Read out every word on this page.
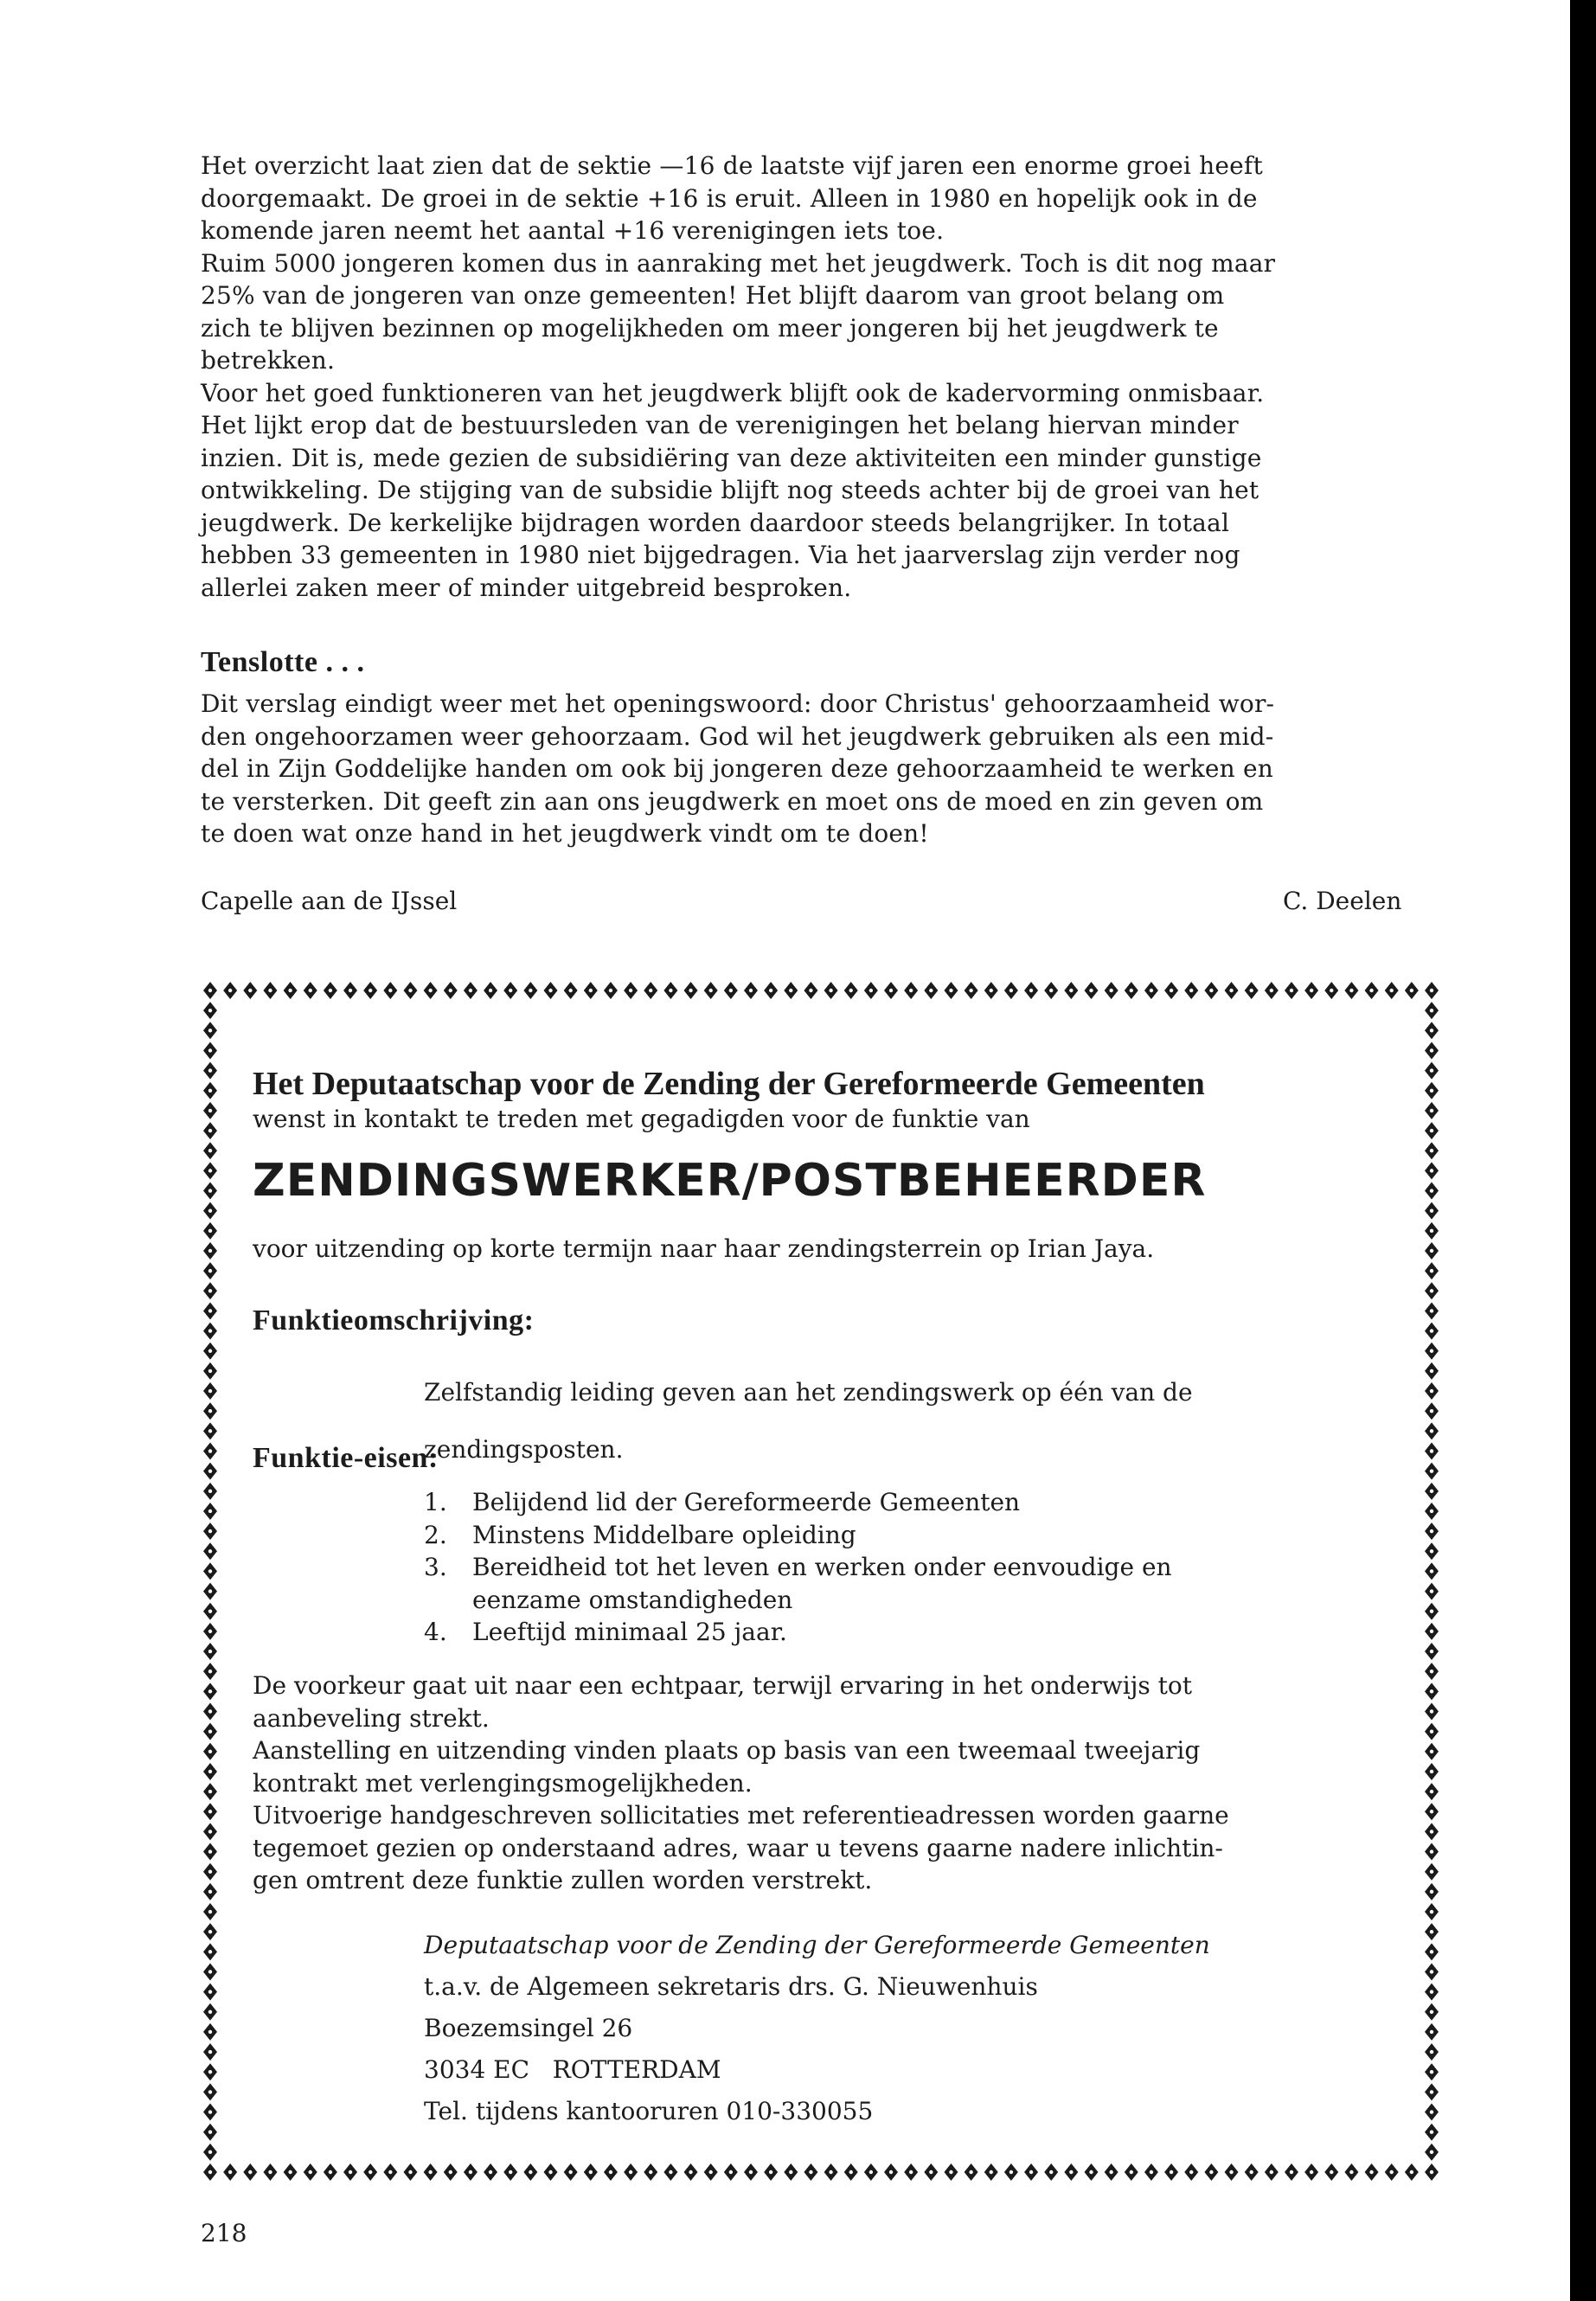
Het overzicht laat zien dat de sektie —16 de laatste vijf jaren een enorme groei heeft

doorgemaakt. De groei in de sektie +16 is eruit. Alleen in 1980 en hopelijk ook in de

komende jaren neemt het aantal +16 verenigingen iets toe.

Ruim 5000 jongeren komen dus in aanraking met het jeugdwerk. Toch is dit nog maar

25% van de jongeren van onze gemeenten! Het blijft daarom van groot belang om

zich te blijven bezinnen op mogelijkheden om meer jongeren bij het jeugdwerk te

betrekken.

Voor het goed funktioneren van het jeugdwerk blijft ook de kadervorming onmisbaar.

Het lijkt erop dat de bestuursleden van de verenigingen het belang hiervan minder

inzien. Dit is, mede gezien de subsidiëring van deze aktiviteiten een minder gunstige

ontwikkeling. De stijging van de subsidie blijft nog steeds achter bij de groei van het

jeugdwerk. De kerkelijke bijdragen worden daardoor steeds belangrijker. In totaal

hebben 33 gemeenten in 1980 niet bijgedragen. Via het jaarverslag zijn verder nog

allerlei zaken meer of minder uitgebreid besproken.

Tenslotte . . .

Dit verslag eindigt weer met het openingswoord: door Christus' gehoorzaamheid wor-

den ongehoorzamen weer gehoorzaam. God wil het jeugdwerk gebruiken als een mid-

del in Zijn Goddelijke handen om ook bij jongeren deze gehoorzaamheid te werken en

te versterken. Dit geeft zin aan ons jeugdwerk en moet ons de moed en zin geven om

te doen wat onze hand in het jeugdwerk vindt om te doen!

Capelle aan de IJssel	C. Deelen
Het Deputaatschap voor de Zending der Gereformeerde Gemeenten
wenst in kontakt te treden met gegadigden voor de funktie van
ZENDINGSWERKER/POSTBEHEERDER
voor uitzending op korte termijn naar haar zendingsterrein op Irian Jaya.
Funktieomschrijving:

Zelfstandig leiding geven aan het zendingswerk op één van de

zendingsposten.

Funktie-eisen:
1.	Belijdend lid der Gereformeerde Gemeenten
2.	Minstens Middelbare opleiding
3.	Bereidheid tot het leven en werken onder eenvoudige en
eenzame omstandigheden
4.	Leeftijd minimaal 25 jaar.

De voorkeur gaat uit naar een echtpaar, terwijl ervaring in het onderwijs tot

aanbeveling strekt.

Aanstelling en uitzending vinden plaats op basis van een tweemaal tweejarig

kontrakt met verlengingsmogelijkheden.

Uitvoerige handgeschreven sollicitaties met referentieadressen worden gaarne

tegemoet gezien op onderstaand adres, waar u tevens gaarne nadere inlichtin-

gen omtrent deze funktie zullen worden verstrekt.

Deputaatschap voor de Zending der Gereformeerde Gemeenten
t.a.v. de Algemeen sekretaris drs. G. Nieuwenhuis
Boezemsingel 26
3034 EC   ROTTERDAM
Tel. tijdens kantooruren 010-330055
218
